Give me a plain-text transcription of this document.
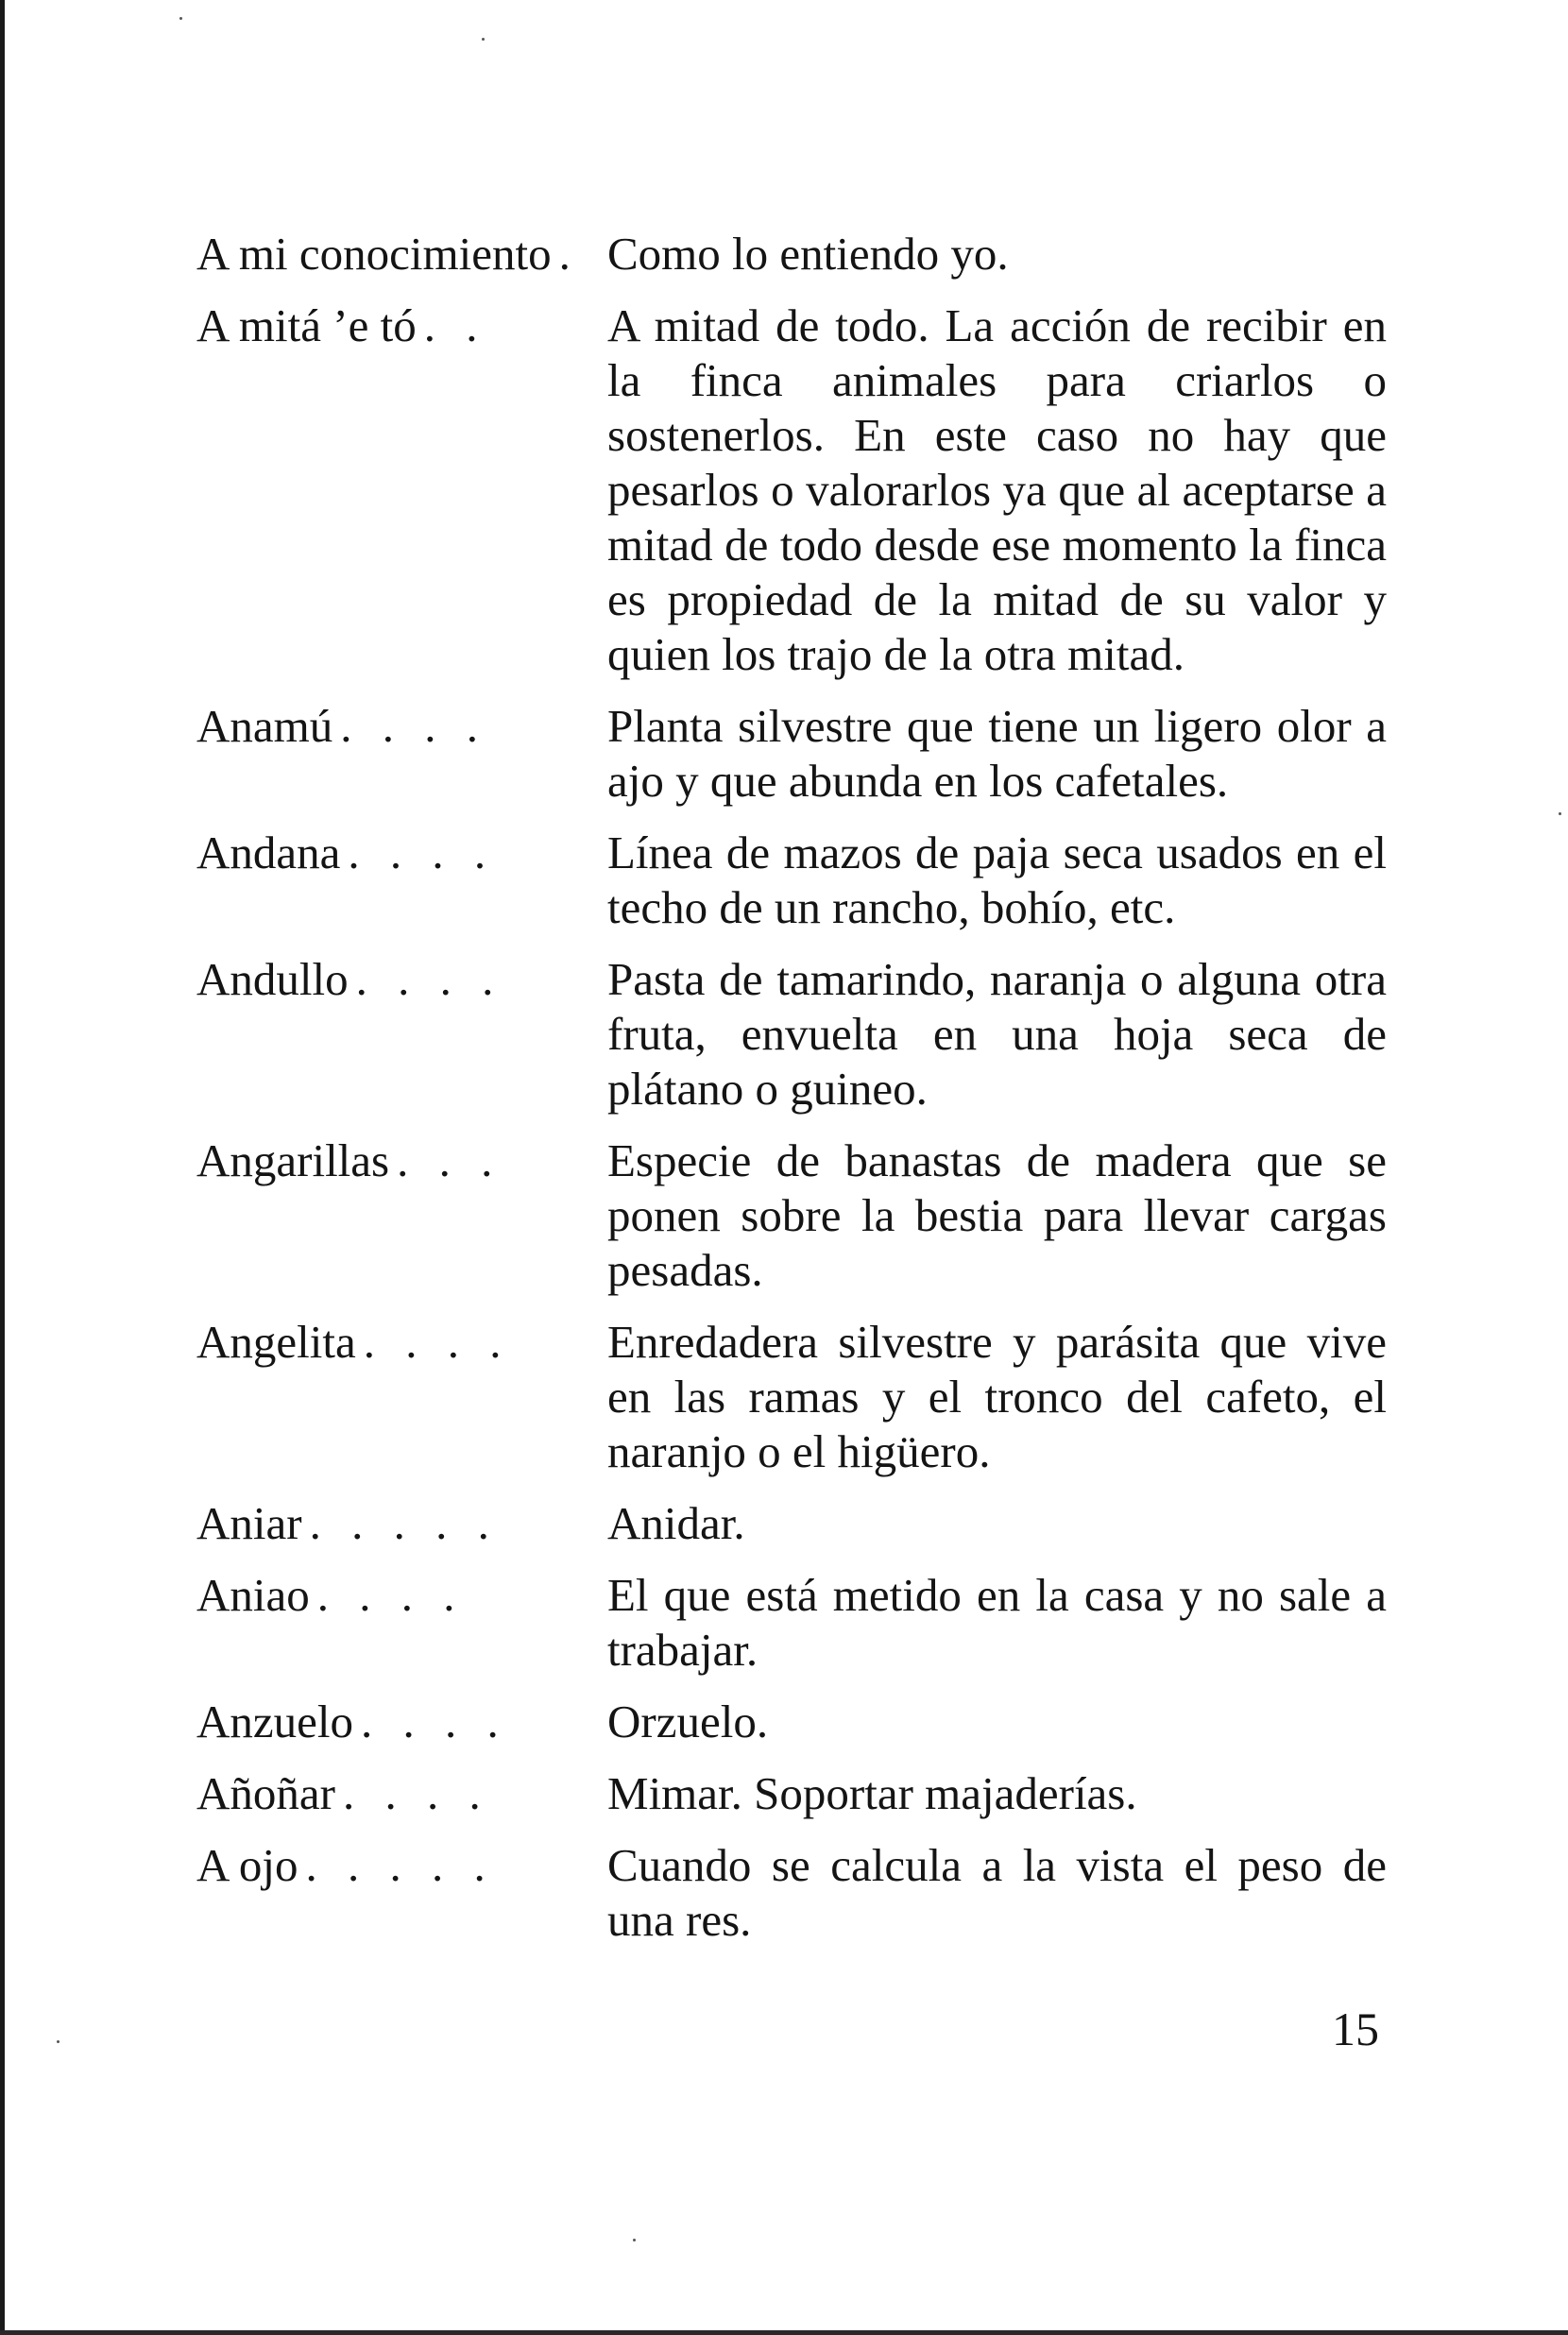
A mi conocimiento . Como lo entiendo yo.

A mitá ’e tó . .	A mitad de todo. La acción de recibir en la finca animales para criarlos o sostenerlos. En este caso no hay que pesarlos o valorarlos ya que al aceptarse a mitad de todo desde ese momento la finca es propiedad de la mitad de su valor y quien los trajo de la otra mitad.

Anamú . . . .	Planta silvestre que tiene un ligero olor a ajo y que abunda en los cafetales.

Andana . . . .	Línea de mazos de paja seca usados en el techo de un rancho, bohío, etc.

Andullo . . . .	Pasta de tamarindo, naranja o alguna otra fruta, envuelta en una hoja seca de plátano o guineo.

Angarillas . . .	Especie de banastas de madera que se ponen sobre la bestia para llevar cargas pesadas.

Angelita . . . .	Enredadera silvestre y parásita que vive en las ramas y el tronco del cafeto, el naranjo o el higüero.

Aniar . . . . .	Anidar.

Aniao . . . .	El que está metido en la casa y no sale a trabajar.

Anzuelo . . . .	Orzuelo.

Añoñar . . . .	Mimar. Soportar majaderías.

A ojo . . . . .	Cuando se calcula a la vista el peso de una res.

15
